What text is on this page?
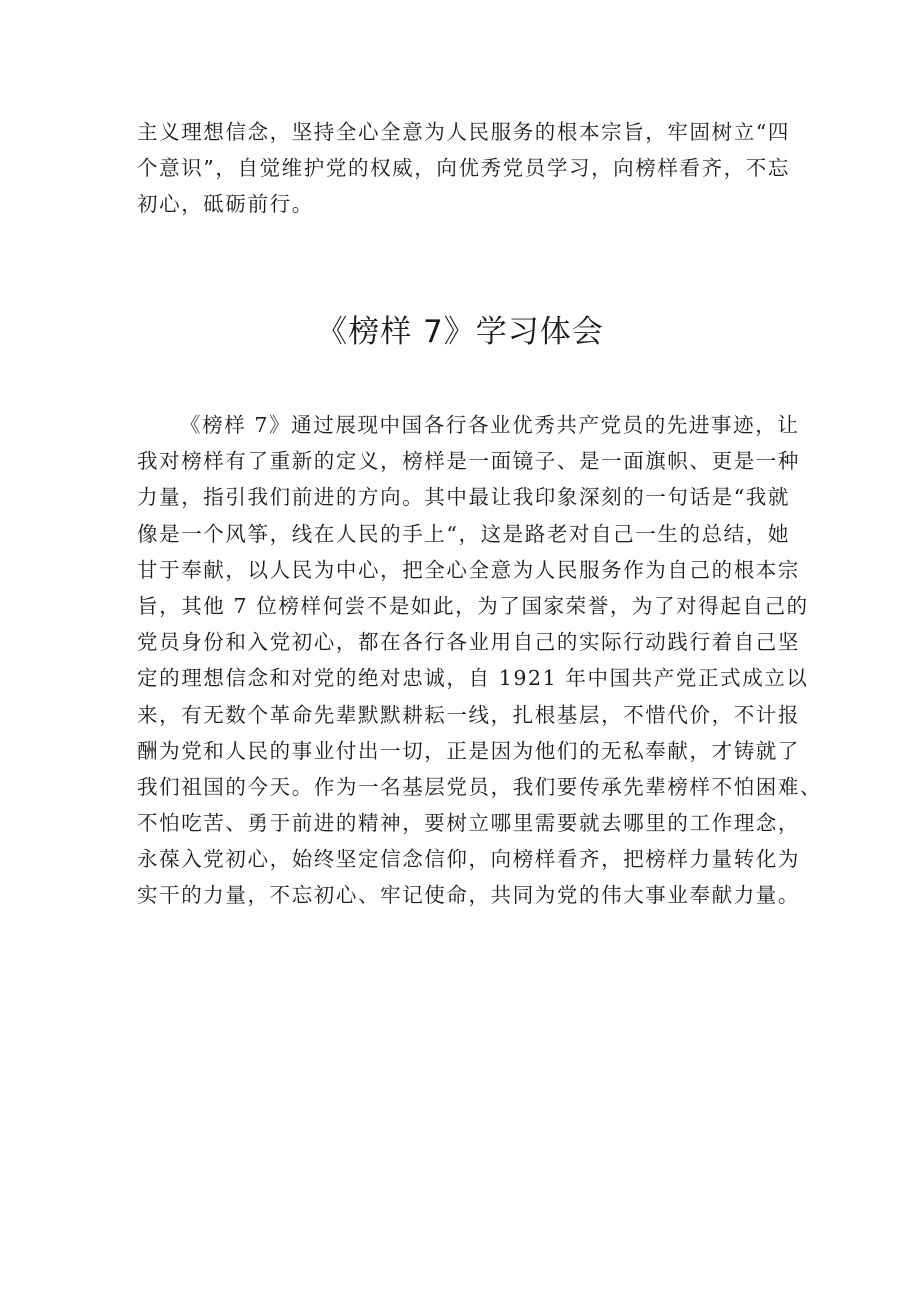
主义理想信念，坚持全心全意为人民服务的根本宗旨，牢固树立“四
个意识”，自觉维护党的权威，向优秀党员学习，向榜样看齐，不忘
初心，砥砺前行。
《榜样 7》学习体会
《榜样 7》通过展现中国各行各业优秀共产党员的先进事迹，让
我对榜样有了重新的定义，榜样是一面镜子、是一面旗帜、更是一种
力量，指引我们前进的方向。其中最让我印象深刻的一句话是“我就
像是一个风筝，线在人民的手上“，这是路老对自己一生的总结，她
甘于奉献，以人民为中心，把全心全意为人民服务作为自己的根本宗
旨，其他 7 位榜样何尝不是如此，为了国家荣誉，为了对得起自己的
党员身份和入党初心，都在各行各业用自己的实际行动践行着自己坚
定的理想信念和对党的绝对忠诚，自 1921 年中国共产党正式成立以
来，有无数个革命先辈默默耕耘一线，扎根基层，不惜代价，不计报
酬为党和人民的事业付出一切，正是因为他们的无私奉献，才铸就了
我们祖国的今天。作为一名基层党员，我们要传承先辈榜样不怕困难、
不怕吃苦、勇于前进的精神，要树立哪里需要就去哪里的工作理念，
永葆入党初心，始终坚定信念信仰，向榜样看齐，把榜样力量转化为
实干的力量，不忘初心、牢记使命，共同为党的伟大事业奉献力量。
